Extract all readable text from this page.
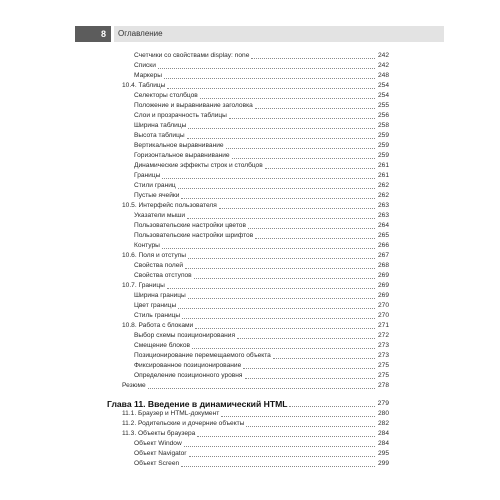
8	Оглавление
Счетчики со свойствами display: none	242
Списки	242
Маркеры	248
10.4. Таблицы	254
Селекторы столбцов	254
Положение и выравнивание заголовка	255
Слои и прозрачность таблицы	256
Ширина таблицы	258
Высота таблицы	259
Вертикальное выравнивание	259
Горизонтальное выравнивание	259
Динамические эффекты строк и столбцов	261
Границы	261
Стили границ	262
Пустые ячейки	262
10.5. Интерфейс пользователя	263
Указатели мыши	263
Пользовательские настройки цветов	264
Пользовательские настройки шрифтов	265
Контуры	266
10.6. Поля и отступы	267
Свойства полей	268
Свойства отступов	269
10.7. Границы	269
Ширина границы	269
Цвет границы	270
Стиль границы	270
10.8. Работа с блоками	271
Выбор схемы позиционирования	272
Смещение блоков	273
Позиционирование перемещаемого объекта	273
Фиксированное позиционирование	275
Определение позиционного уровня	275
Резюме	278
Глава 11. Введение в динамический HTML	279
11.1. Браузер и HTML-документ	280
11.2. Родительские и дочерние объекты	282
11.3. Объекты браузера	284
Объект Window	284
Объект Navigator	295
Объект Screen	299
